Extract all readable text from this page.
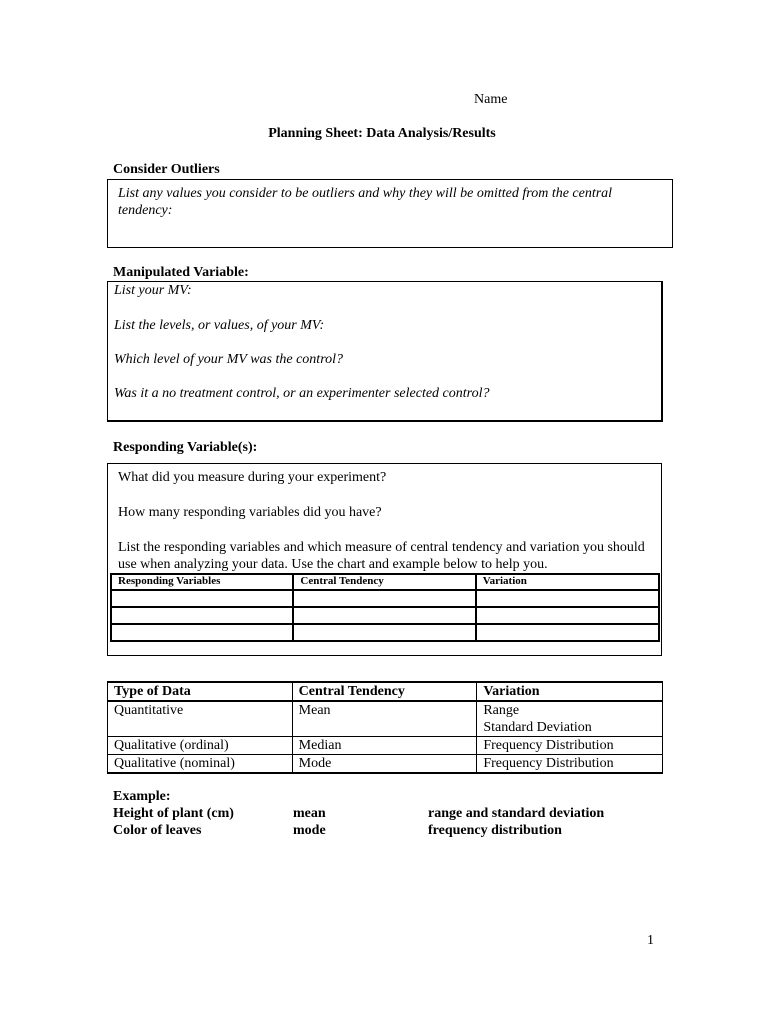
Name
Planning Sheet: Data Analysis/Results
Consider Outliers
List any values you consider to be outliers and why they will be omitted from the central tendency:
Manipulated Variable:
List your MV:
List the levels, or values, of your MV:
Which level of your MV was the control?
Was it a no treatment control, or an experimenter selected control?
Responding Variable(s):
What did you measure during your experiment?
How many responding variables did you have?
List the responding variables and which measure of central tendency and variation you should use when analyzing your data. Use the chart and example below to help you.
Responding Variables	Central Tendency	Variation

Type of Data	Central Tendency	Variation
Quantitative	Mean	Range
Standard Deviation

Qualitative (ordinal)	Median	Frequency Distribution
Qualitative (nominal)	Mode	Frequency Distribution
Example:
Height of plant (cm)	mean	range and standard deviation
Color of leaves	mode	frequency distribution
1
